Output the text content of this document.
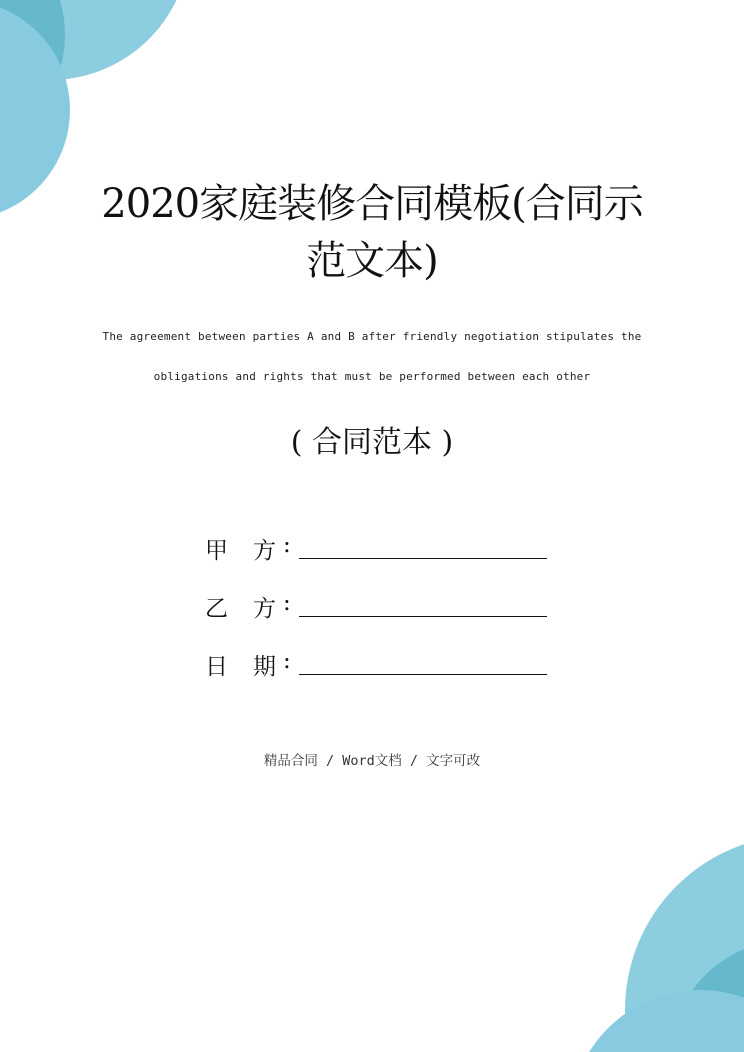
2020家庭装修合同模板(合同示
范文本)
The agreement between parties A and B after friendly negotiation stipulates the
obligations and rights that must be performed between each other
( 合同范本 )
甲 方 :
乙 方 :
日 期 :
精品合同 / Word文档 / 文字可改
